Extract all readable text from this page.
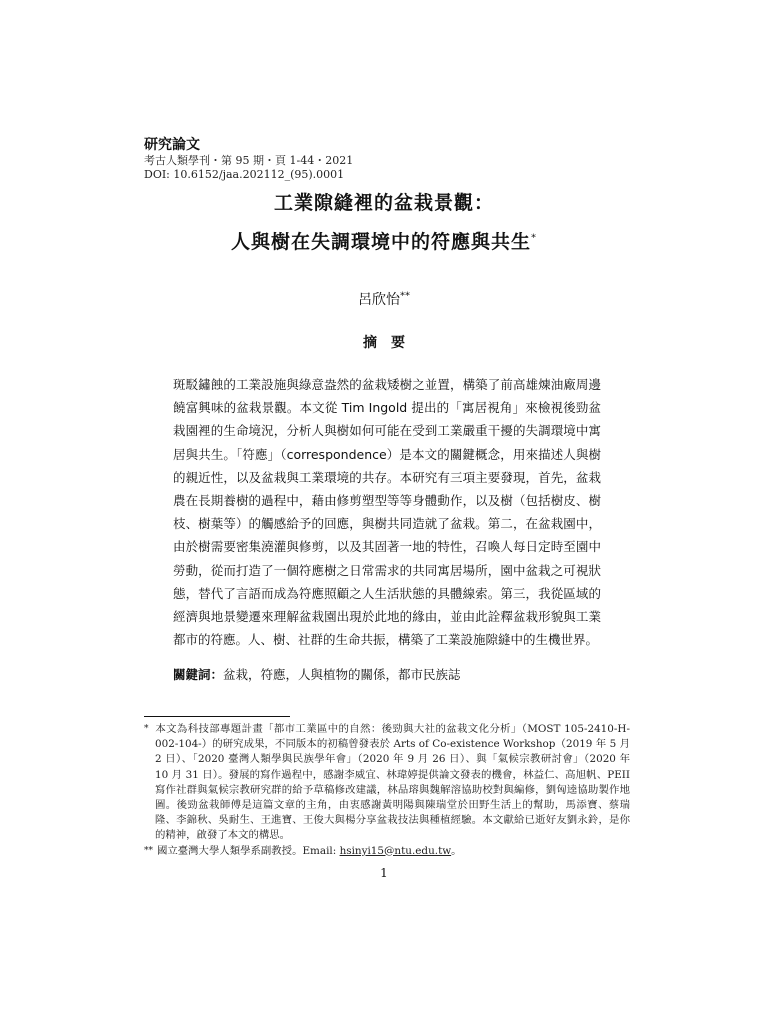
研究論文
考古人類學刊・第 95 期・頁 1-44・2021
DOI: 10.6152/jaa.202112_(95).0001
工業隙縫裡的盆栽景觀：
人與樹在失調環境中的符應與共生*
呂欣怡**
摘要
斑駁鏽蝕的工業設施與綠意盎然的盆栽矮樹之並置，構築了前高雄煉油廠周邊饒富興味的盆栽景觀。本文從 Tim Ingold 提出的「寓居視角」來檢視後勁盆栽園裡的生命境況，分析人與樹如何可能在受到工業嚴重干擾的失調環境中寓居與共生。「符應」（correspondence）是本文的關鍵概念，用來描述人與樹的親近性，以及盆栽與工業環境的共存。本研究有三項主要發現，首先，盆栽農在長期養樹的過程中，藉由修剪塑型等等身體動作，以及樹（包括樹皮、樹枝、樹葉等）的觸感給予的回應，與樹共同造就了盆栽。第二，在盆栽園中，由於樹需要密集澆灌與修剪，以及其固著一地的特性，召喚人每日定時至園中勞動，從而打造了一個符應樹之日常需求的共同寓居場所，園中盆栽之可視狀態，替代了言語而成為符應照顧之人生活狀態的具體線索。第三，我從區域的經濟與地景變遷來理解盆栽園出現於此地的緣由，並由此詮釋盆栽形貌與工業都市的符應。人、樹、社群的生命共振，構築了工業設施隙縫中的生機世界。
關鍵詞：盆栽，符應，人與植物的關係，都市民族誌
* 本文為科技部專題計畫「都市工業區中的自然：後勁與大社的盆栽文化分析」（MOST 105-2410-H-002-104-）的研究成果，不同版本的初稿曾發表於 Arts of Co-existence Workshop（2019 年 5 月 2 日）、「2020 臺灣人類學與民族學年會」（2020 年 9 月 26 日）、與「氣候宗教研討會」（2020 年 10 月 31 日）。發展的寫作過程中，感謝李威宜、林瑋婷提供論文發表的機會，林益仁、高旭帆、PEII 寫作社群與氣候宗教研究群的給予草稿修改建議，林品瑢與魏解溶協助校對與編修，劉匈逵協助製作地圖。後勁盆栽師傅是這篇文章的主角，由衷感謝黃明陽與陳瑞堂於田野生活上的幫助，馬添寶、蔡瑞隆、李錦秋、吳耐生、王進寶、王俊大與楊分享盆栽技法與種植經驗。本文獻給已逝好友劉永鈴，是你的精神，啟發了本文的構思。
** 國立臺灣大學人類學系副教授。Email: hsinyi15@ntu.edu.tw。
1
